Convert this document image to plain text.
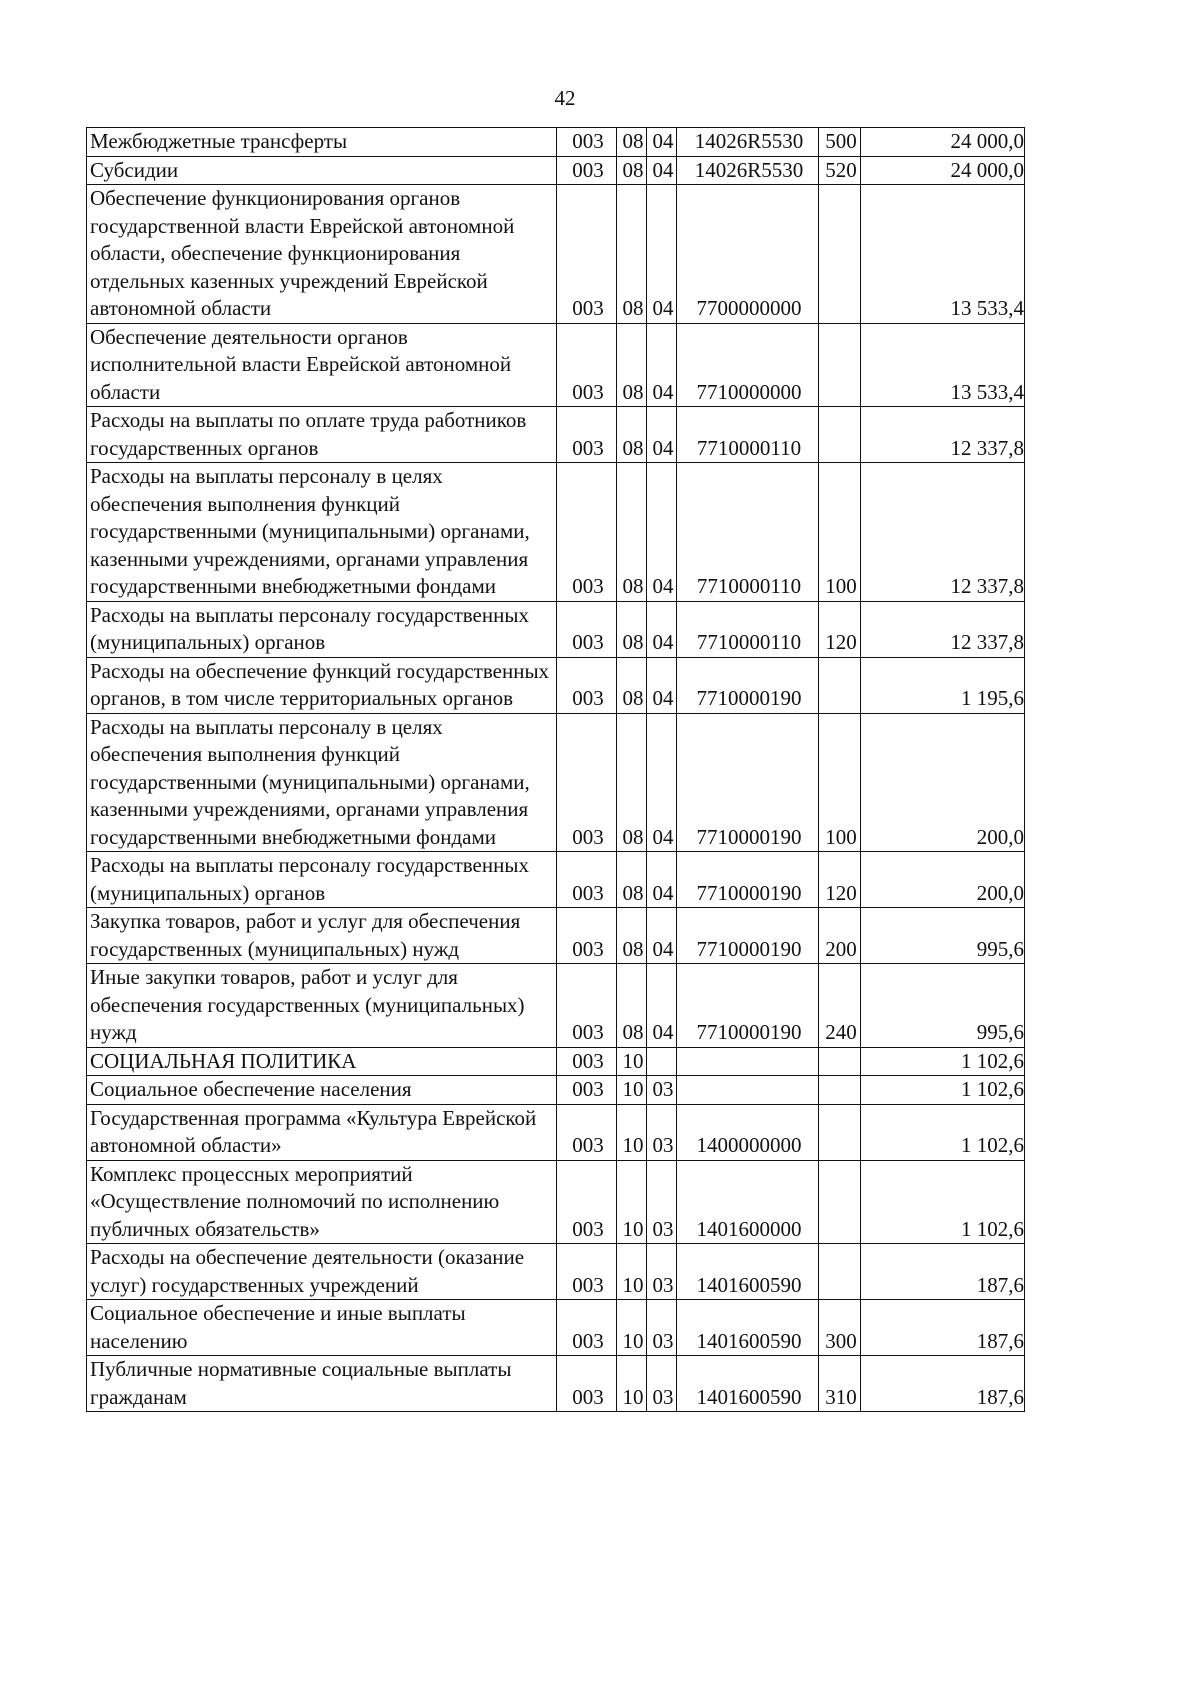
42
Межбюджетные трансферты	003	08	04	14026R5530	500	24 000,0
Субсидии	003	08	04	14026R5530	520	24 000,0
Обеспечение функционирования органов государственной власти Еврейской автономной области, обеспечение функционирования отдельных казенных учреждений Еврейской автономной области	003	08	04	7700000000		13 533,4
Обеспечение деятельности органов исполнительной власти Еврейской автономной области	003	08	04	7710000000		13 533,4
Расходы на выплаты по оплате труда работников государственных органов	003	08	04	7710000110		12 337,8
Расходы на выплаты персоналу в целях обеспечения выполнения функций государственными (муниципальными) органами, казенными учреждениями, органами управления государственными внебюджетными фондами	003	08	04	7710000110	100	12 337,8
Расходы на выплаты персоналу государственных (муниципальных) органов	003	08	04	7710000110	120	12 337,8
Расходы на обеспечение функций государственных органов, в том числе территориальных органов	003	08	04	7710000190		1 195,6
Расходы на выплаты персоналу в целях обеспечения выполнения функций государственными (муниципальными) органами, казенными учреждениями, органами управления государственными внебюджетными фондами	003	08	04	7710000190	100	200,0
Расходы на выплаты персоналу государственных (муниципальных) органов	003	08	04	7710000190	120	200,0
Закупка товаров, работ и услуг для обеспечения государственных (муниципальных) нужд	003	08	04	7710000190	200	995,6
Иные закупки товаров, работ и услуг для обеспечения государственных (муниципальных) нужд	003	08	04	7710000190	240	995,6
СОЦИАЛЬНАЯ ПОЛИТИКА	003	10				1 102,6
Социальное обеспечение населения	003	10	03			1 102,6
Государственная программа «Культура Еврейской автономной области»	003	10	03	1400000000		1 102,6
Комплекс процессных мероприятий «Осуществление полномочий по исполнению публичных обязательств»	003	10	03	1401600000		1 102,6
Расходы на обеспечение деятельности (оказание услуг) государственных учреждений	003	10	03	1401600590		187,6
Социальное обеспечение и иные выплаты населению	003	10	03	1401600590	300	187,6
Публичные нормативные социальные выплаты гражданам	003	10	03	1401600590	310	187,6
